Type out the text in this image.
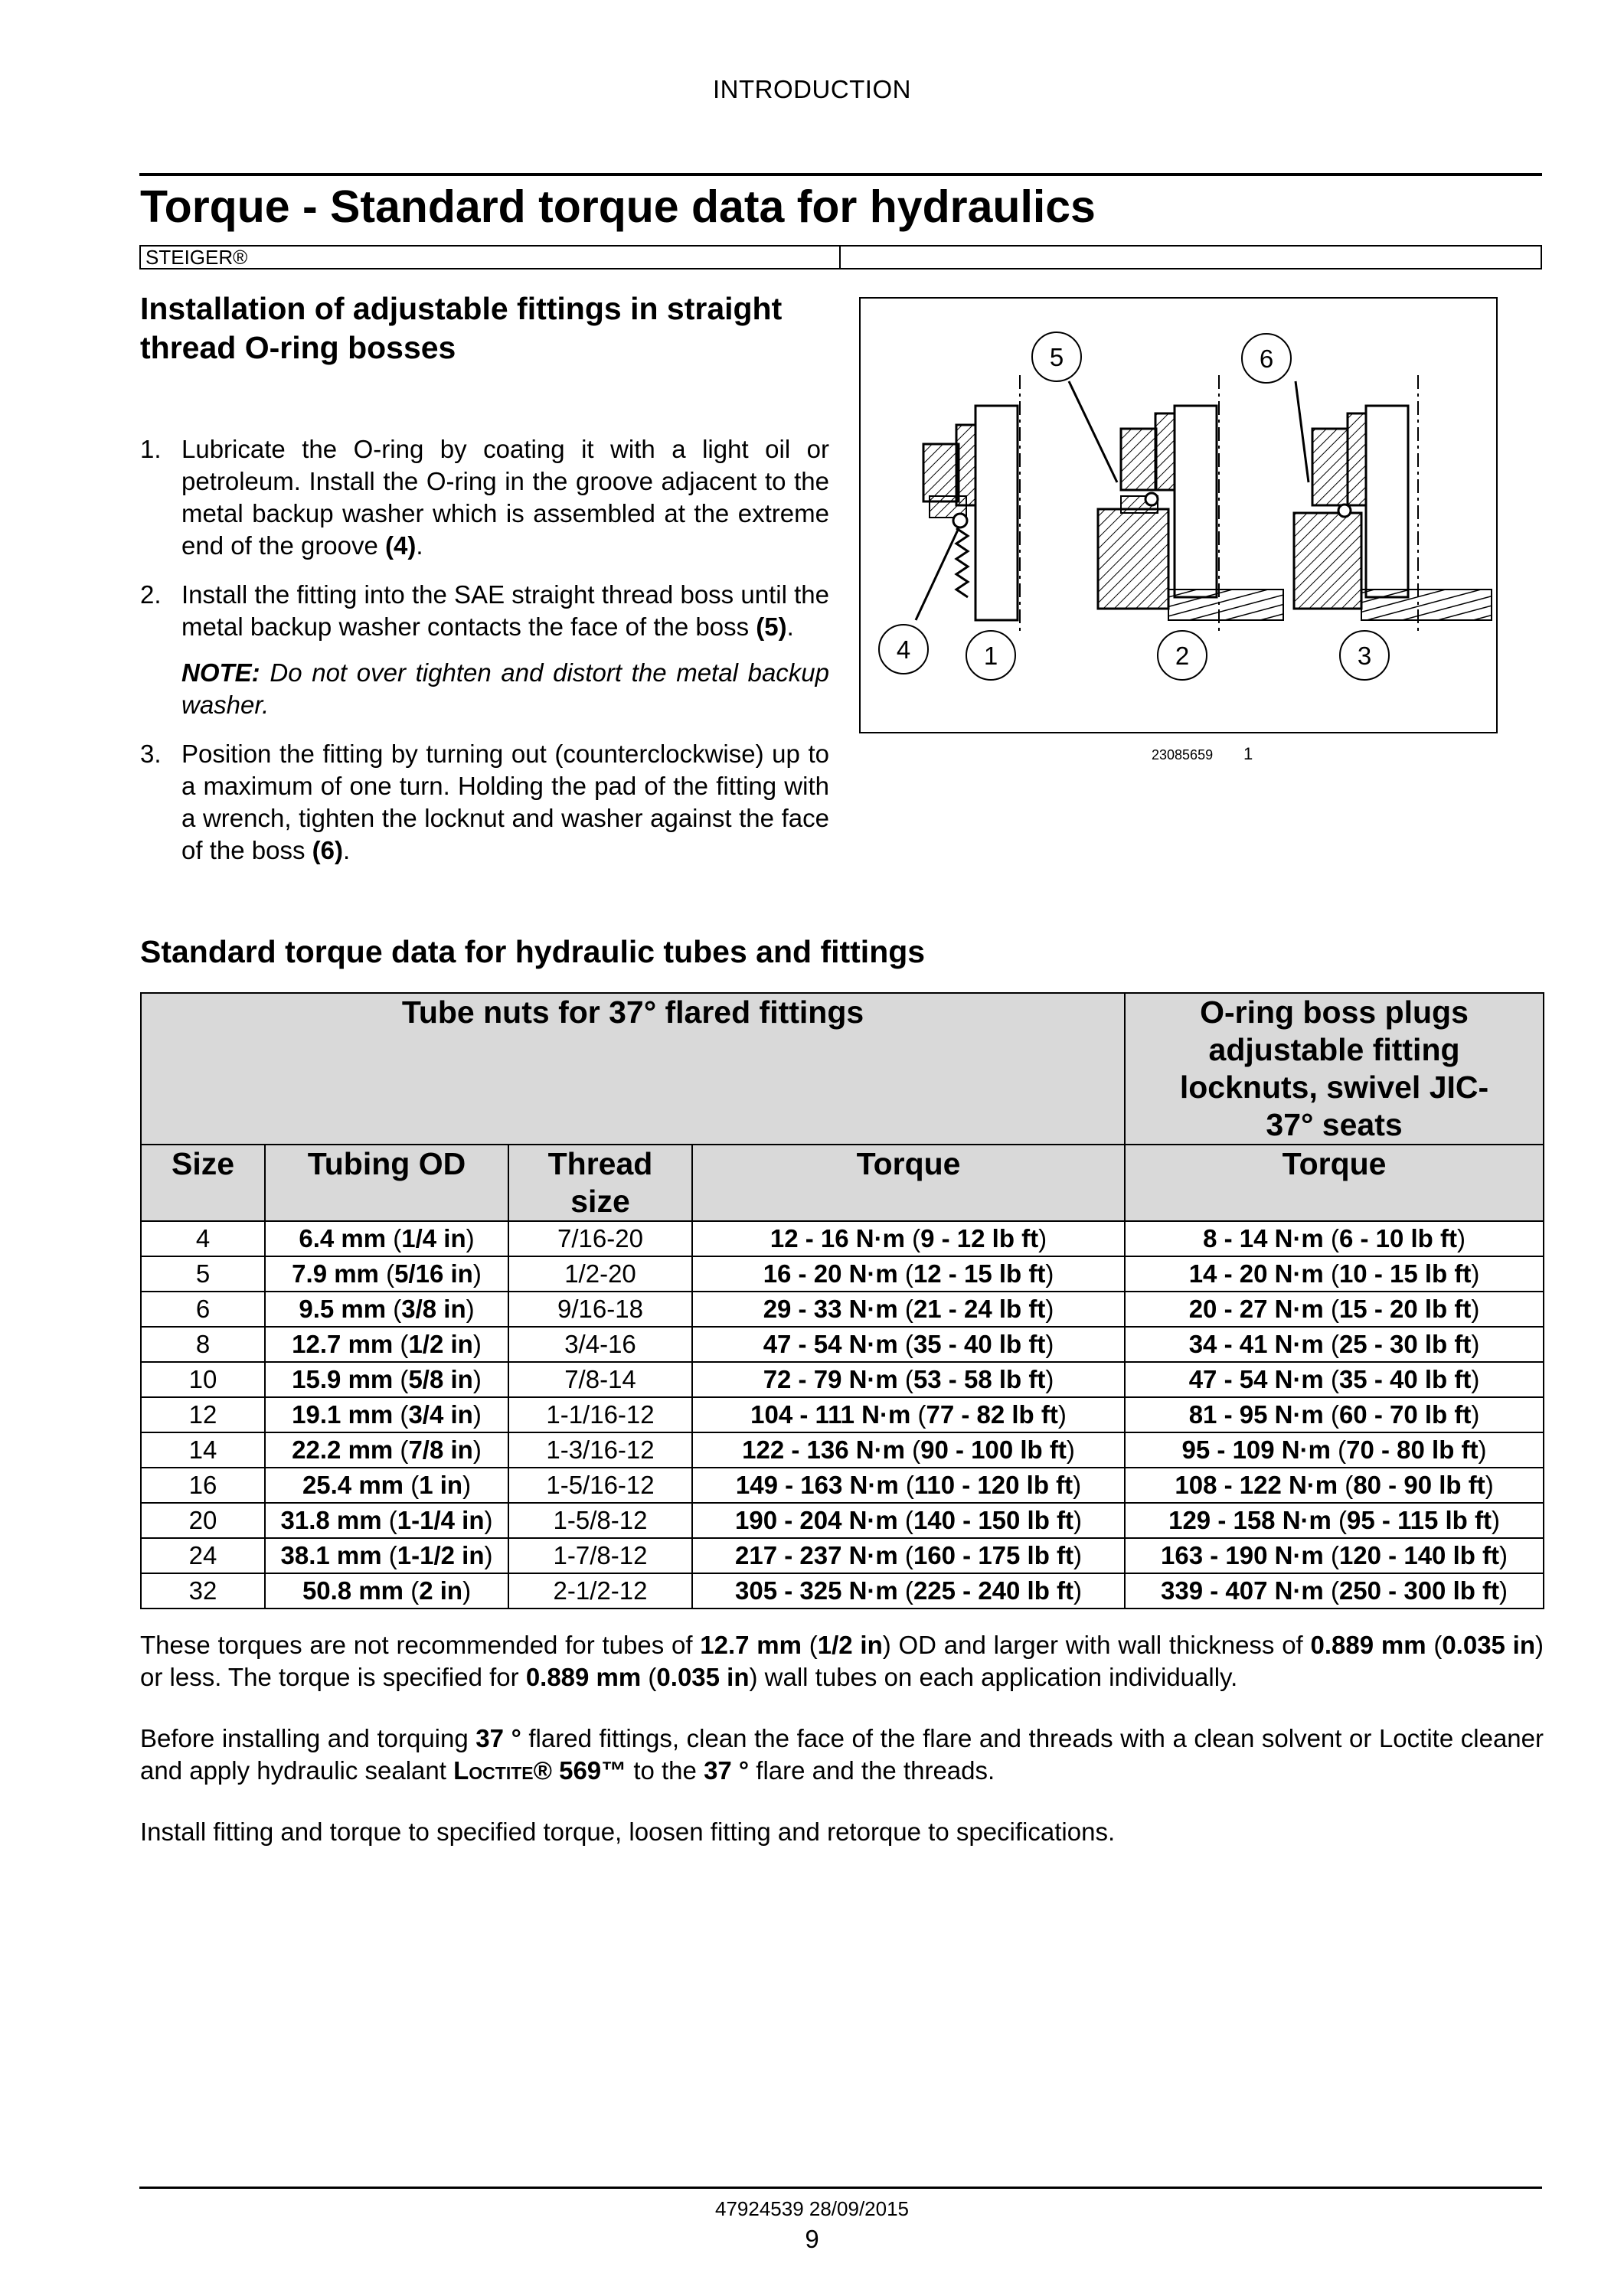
INTRODUCTION
Torque - Standard torque data for hydraulics
STEIGER®
Installation of adjustable fittings in straight
thread O-ring bosses

1. Lubricate the O-ring by coating it with a light oil or petroleum. Install the O-ring in the groove adjacent to the metal backup washer which is assembled at the extreme end of the groove (4).

2. Install the fitting into the SAE straight thread boss until the metal backup washer contacts the face of the boss (5).

NOTE: Do not over tighten and distort the metal backup washer.

3. Position the fitting by turning out (counterclockwise) up to a maximum of one turn. Holding the pad of the fitting with a wrench, tighten the locknut and washer against the face of the boss (6).

4	1	2	3
5	6
23085659 1
Standard torque data for hydraulic tubes and fittings
Tube nuts for 37° flared fittings				O-ring boss plugs adjustable fitting locknuts, swivel JIC-37° seats
Size	Tubing OD	Thread size	Torque	Torque
4	6.4 mm (1/4 in)	7/16-20	12 - 16 N·m (9 - 12 lb ft)	8 - 14 N·m (6 - 10 lb ft)
5	7.9 mm (5/16 in)	1/2-20	16 - 20 N·m (12 - 15 lb ft)	14 - 20 N·m (10 - 15 lb ft)
6	9.5 mm (3/8 in)	9/16-18	29 - 33 N·m (21 - 24 lb ft)	20 - 27 N·m (15 - 20 lb ft)
8	12.7 mm (1/2 in)	3/4-16	47 - 54 N·m (35 - 40 lb ft)	34 - 41 N·m (25 - 30 lb ft)
10	15.9 mm (5/8 in)	7/8-14	72 - 79 N·m (53 - 58 lb ft)	47 - 54 N·m (35 - 40 lb ft)
12	19.1 mm (3/4 in)	1-1/16-12	104 - 111 N·m (77 - 82 lb ft)	81 - 95 N·m (60 - 70 lb ft)
14	22.2 mm (7/8 in)	1-3/16-12	122 - 136 N·m (90 - 100 lb ft)	95 - 109 N·m (70 - 80 lb ft)
16	25.4 mm (1 in)	1-5/16-12	149 - 163 N·m (110 - 120 lb ft)	108 - 122 N·m (80 - 90 lb ft)
20	31.8 mm (1-1/4 in)	1-5/8-12	190 - 204 N·m (140 - 150 lb ft)	129 - 158 N·m (95 - 115 lb ft)
24	38.1 mm (1-1/2 in)	1-7/8-12	217 - 237 N·m (160 - 175 lb ft)	163 - 190 N·m (120 - 140 lb ft)
32	50.8 mm (2 in)	2-1/2-12	305 - 325 N·m (225 - 240 lb ft)	339 - 407 N·m (250 - 300 lb ft)

These torques are not recommended for tubes of 12.7 mm (1/2 in) OD and larger with wall thickness of 0.889 mm (0.035 in) or less. The torque is specified for 0.889 mm (0.035 in) wall tubes on each application individually.

Before installing and torquing 37 ° flared fittings, clean the face of the flare and threads with a clean solvent or Loctite cleaner and apply hydraulic sealant Loctite® 569™ to the 37 ° flare and the threads.

Install fitting and torque to specified torque, loosen fitting and retorque to specifications.

47924539 28/09/2015
9
